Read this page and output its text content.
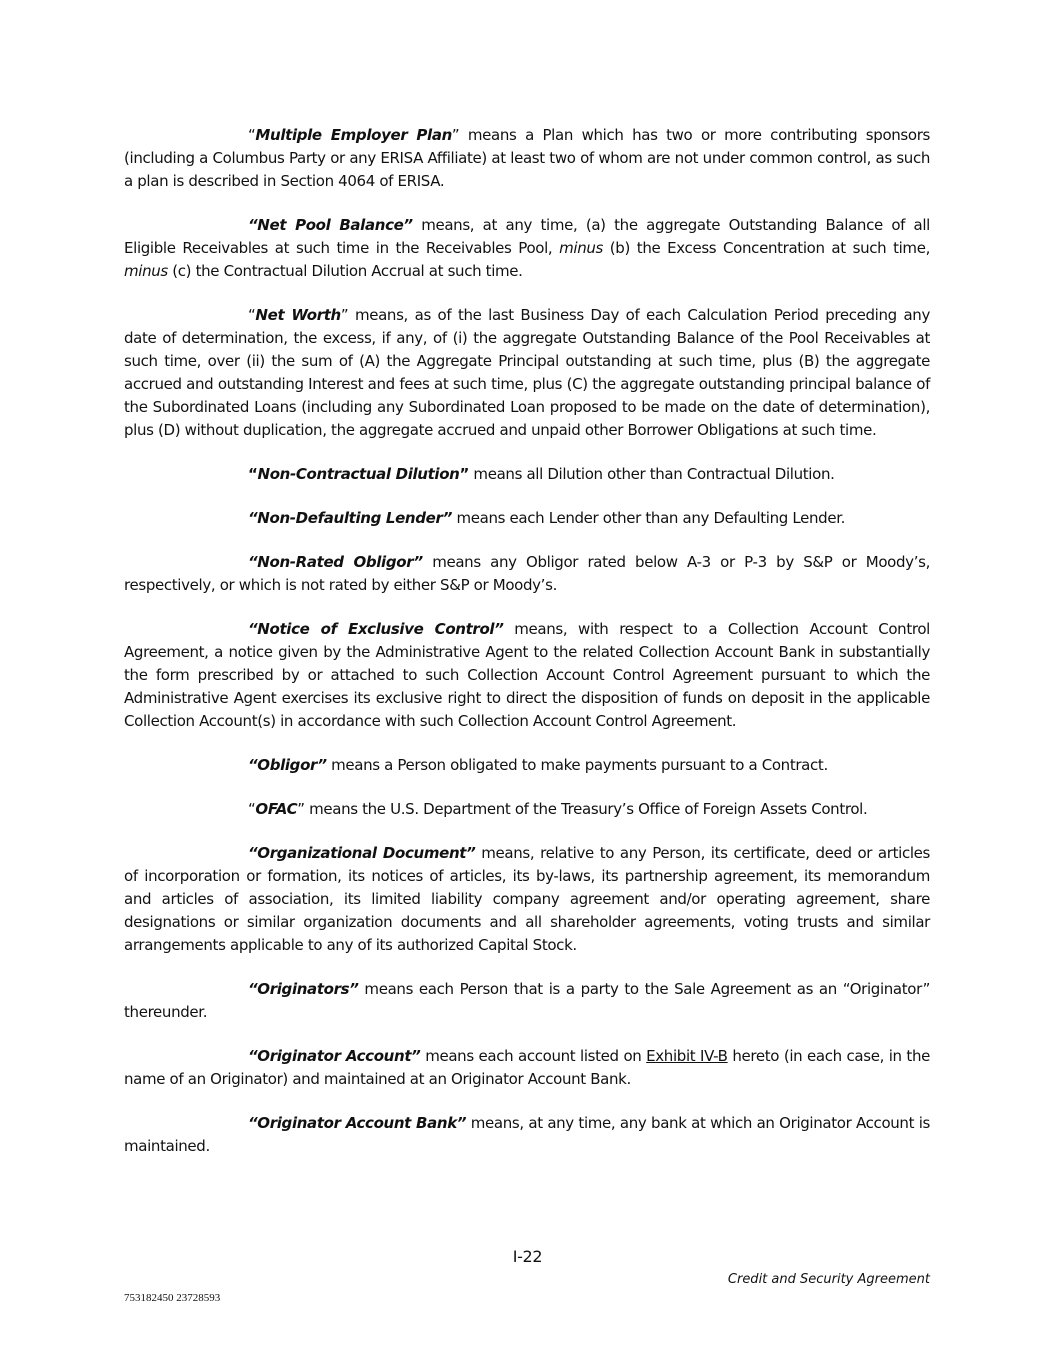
“Multiple Employer Plan” means a Plan which has two or more contributing sponsors (including a Columbus Party or any ERISA Affiliate) at least two of whom are not under common control, as such a plan is described in Section 4064 of ERISA.

“Net Pool Balance” means, at any time, (a) the aggregate Outstanding Balance of all Eligible Receivables at such time in the Receivables Pool, minus (b) the Excess Concentration at such time, minus (c) the Contractual Dilution Accrual at such time.

“Net Worth” means, as of the last Business Day of each Calculation Period preceding any date of determination, the excess, if any, of (i) the aggregate Outstanding Balance of the Pool Receivables at such time, over (ii) the sum of (A) the Aggregate Principal outstanding at such time, plus (B) the aggregate accrued and outstanding Interest and fees at such time, plus (C) the aggregate outstanding principal balance of the Subordinated Loans (including any Subordinated Loan proposed to be made on the date of determination), plus (D) without duplication, the aggregate accrued and unpaid other Borrower Obligations at such time.

“Non-Contractual Dilution” means all Dilution other than Contractual Dilution.

“Non-Defaulting Lender” means each Lender other than any Defaulting Lender.

“Non-Rated Obligor” means any Obligor rated below A-3 or P-3 by S&P or Moody’s, respectively, or which is not rated by either S&P or Moody’s.

“Notice of Exclusive Control” means, with respect to a Collection Account Control Agreement, a notice given by the Administrative Agent to the related Collection Account Bank in substantially the form prescribed by or attached to such Collection Account Control Agreement pursuant to which the Administrative Agent exercises its exclusive right to direct the disposition of funds on deposit in the applicable Collection Account(s) in accordance with such Collection Account Control Agreement.

“Obligor” means a Person obligated to make payments pursuant to a Contract.

“OFAC” means the U.S. Department of the Treasury’s Office of Foreign Assets Control.

“Organizational Document” means, relative to any Person, its certificate, deed or articles of incorporation or formation, its notices of articles, its by-laws, its partnership agreement, its memorandum and articles of association, its limited liability company agreement and/or operating agreement, share designations or similar organization documents and all shareholder agreements, voting trusts and similar arrangements applicable to any of its authorized Capital Stock.

“Originators” means each Person that is a party to the Sale Agreement as an “Originator” thereunder.

“Originator Account” means each account listed on Exhibit IV-B hereto (in each case, in the name of an Originator) and maintained at an Originator Account Bank.

“Originator Account Bank” means, at any time, any bank at which an Originator Account is maintained.

I-22
Credit and Security Agreement
753182450 23728593
